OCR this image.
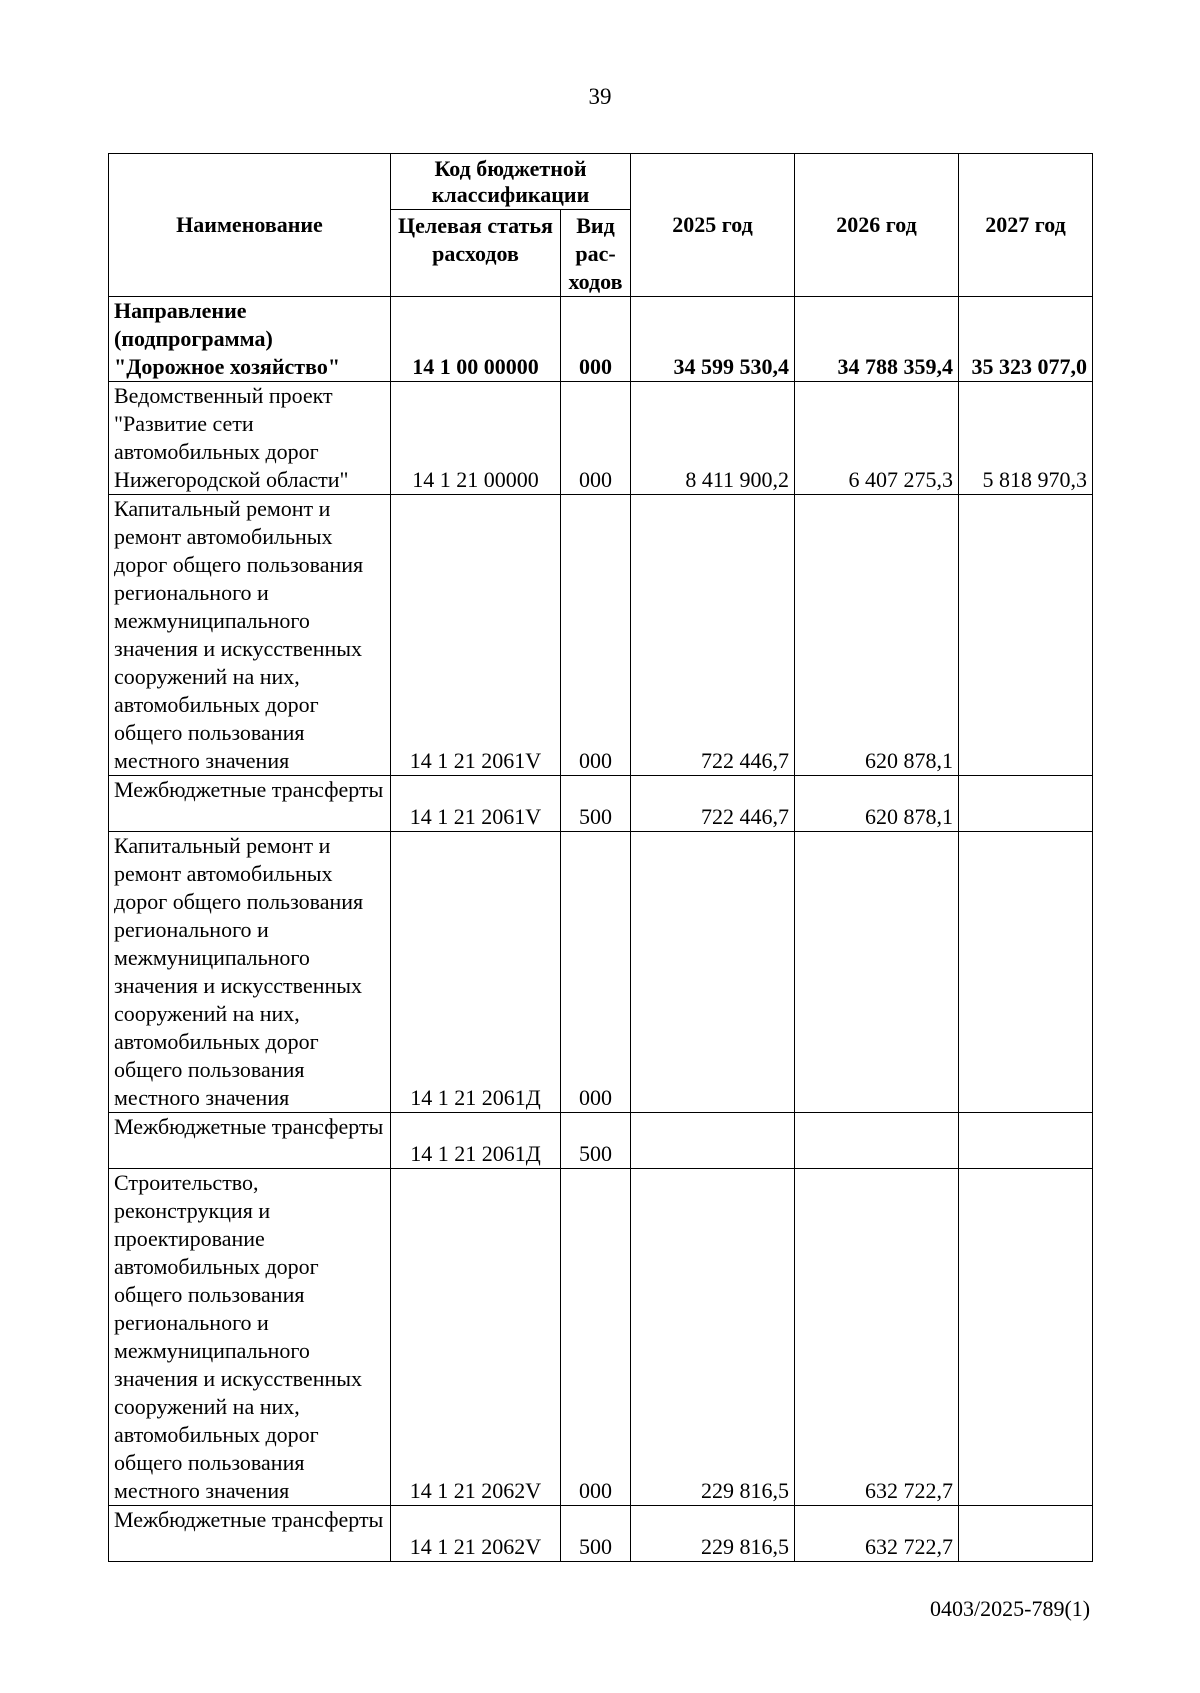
39
Наименование	Код бюджетной классификации		2025 год	2026 год	2027 год
	Целевая статья расходов	Вид рас-ходов			
Направление (подпрограмма) "Дорожное хозяйство"	14 1 00 00000	000	34 599 530,4	34 788 359,4	35 323 077,0
Ведомственный проект "Развитие сети автомобильных дорог Нижегородской области"	14 1 21 00000	000	8 411 900,2	6 407 275,3	5 818 970,3
Капитальный ремонт и ремонт автомобильных дорог общего пользования регионального и межмуниципального значения и искусственных сооружений на них, автомобильных дорог общего пользования местного значения	14 1 21 2061V	000	722 446,7	620 878,1	
Межбюджетные трансферты	14 1 21 2061V	500	722 446,7	620 878,1	
Капитальный ремонт и ремонт автомобильных дорог общего пользования регионального и межмуниципального значения и искусственных сооружений на них, автомобильных дорог общего пользования местного значения	14 1 21 2061Д	000			
Межбюджетные трансферты	14 1 21 2061Д	500			
Строительство, реконструкция и проектирование автомобильных дорог общего пользования регионального и межмуниципального значения и искусственных сооружений на них, автомобильных дорог общего пользования местного значения	14 1 21 2062V	000	229 816,5	632 722,7	
Межбюджетные трансферты	14 1 21 2062V	500	229 816,5	632 722,7	
0403/2025-789(1)
